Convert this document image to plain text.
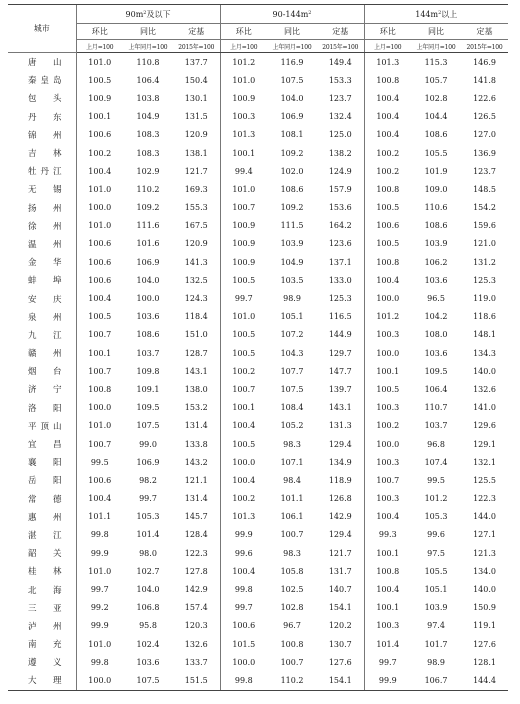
城市	$90m^2$及以下			$90-144m^2$			$144m^2$以上		
	环比	同比	定基	环比	同比	定基	环比	同比	定基
	上月=100	上年同月=100	2015年=100	上月=100	上年同月=100	2015年=100	上月=100	上年同月=100	2015年=100
唐山	101.0	110.8	137.7	101.2	116.9	149.4	101.3	115.3	146.9
秦皇岛	100.5	106.4	150.4	101.0	107.5	153.3	100.8	105.7	141.8
包头	100.9	103.8	130.1	100.9	104.0	123.7	100.4	102.8	122.6
丹东	100.1	104.9	131.5	100.3	106.9	132.4	100.4	104.4	126.5
锦州	100.6	108.3	120.9	101.3	108.1	125.0	100.4	108.6	127.0
吉林	100.2	108.3	138.1	100.1	109.2	138.2	100.2	105.5	136.9
牡丹江	100.4	102.9	121.7	99.4	102.0	124.9	100.2	101.9	123.7
无锡	101.0	110.2	169.3	101.0	108.6	157.9	100.8	109.0	148.5
扬州	100.0	109.2	155.3	100.7	109.2	153.6	100.5	110.6	154.2
徐州	101.0	111.6	167.5	100.9	111.5	164.2	100.6	108.6	159.6
温州	100.6	101.6	120.9	100.9	103.9	123.6	100.5	103.9	121.0
金华	100.6	106.9	141.3	100.9	104.9	137.1	100.8	106.2	131.2
蚌埠	100.6	104.0	132.5	100.5	103.5	133.0	100.4	103.6	125.3
安庆	100.4	100.0	124.3	99.7	98.9	125.3	100.0	96.5	119.0
泉州	100.5	103.6	118.4	101.0	105.1	116.5	101.2	104.2	118.6
九江	100.7	108.6	151.0	100.5	107.2	144.9	100.3	108.0	148.1
赣州	100.1	103.7	128.7	100.5	104.3	129.7	100.0	103.6	134.3
烟台	100.7	109.8	143.1	100.2	107.7	147.7	100.1	109.5	140.0
济宁	100.8	109.1	138.0	100.7	107.5	139.7	100.5	106.4	132.6
洛阳	100.0	109.5	153.2	100.1	108.4	143.1	100.3	110.7	141.0
平顶山	101.0	107.5	131.4	100.4	105.2	131.3	100.2	103.7	129.6
宜昌	100.7	99.0	133.8	100.5	98.3	129.4	100.0	96.8	129.1
襄阳	99.5	106.9	143.2	100.0	107.1	134.9	100.3	107.4	132.1
岳阳	100.6	98.2	121.1	100.4	98.4	118.9	100.7	99.5	125.5
常德	100.4	99.7	131.4	100.2	101.1	126.8	100.3	101.2	122.3
惠州	101.1	105.3	145.7	101.3	106.1	142.9	100.4	105.3	144.0
湛江	99.8	101.4	128.4	99.9	100.7	129.4	99.3	99.6	127.1
韶关	99.9	98.0	122.3	99.6	98.3	121.7	100.1	97.5	121.3
桂林	101.0	102.7	127.8	100.4	105.8	131.7	100.8	105.5	134.0
北海	99.7	104.0	142.9	99.8	102.5	140.7	100.4	105.1	140.0
三亚	99.2	106.8	157.4	99.7	102.8	154.1	100.1	103.9	150.9
泸州	99.9	95.8	120.3	100.6	96.7	120.2	100.3	97.4	119.1
南充	101.0	102.4	132.6	101.5	100.8	130.7	101.4	101.7	127.6
遵义	99.8	103.6	133.7	100.0	100.7	127.6	99.7	98.9	128.1
大理	100.0	107.5	151.5	99.8	110.2	154.1	99.9	106.7	144.4
